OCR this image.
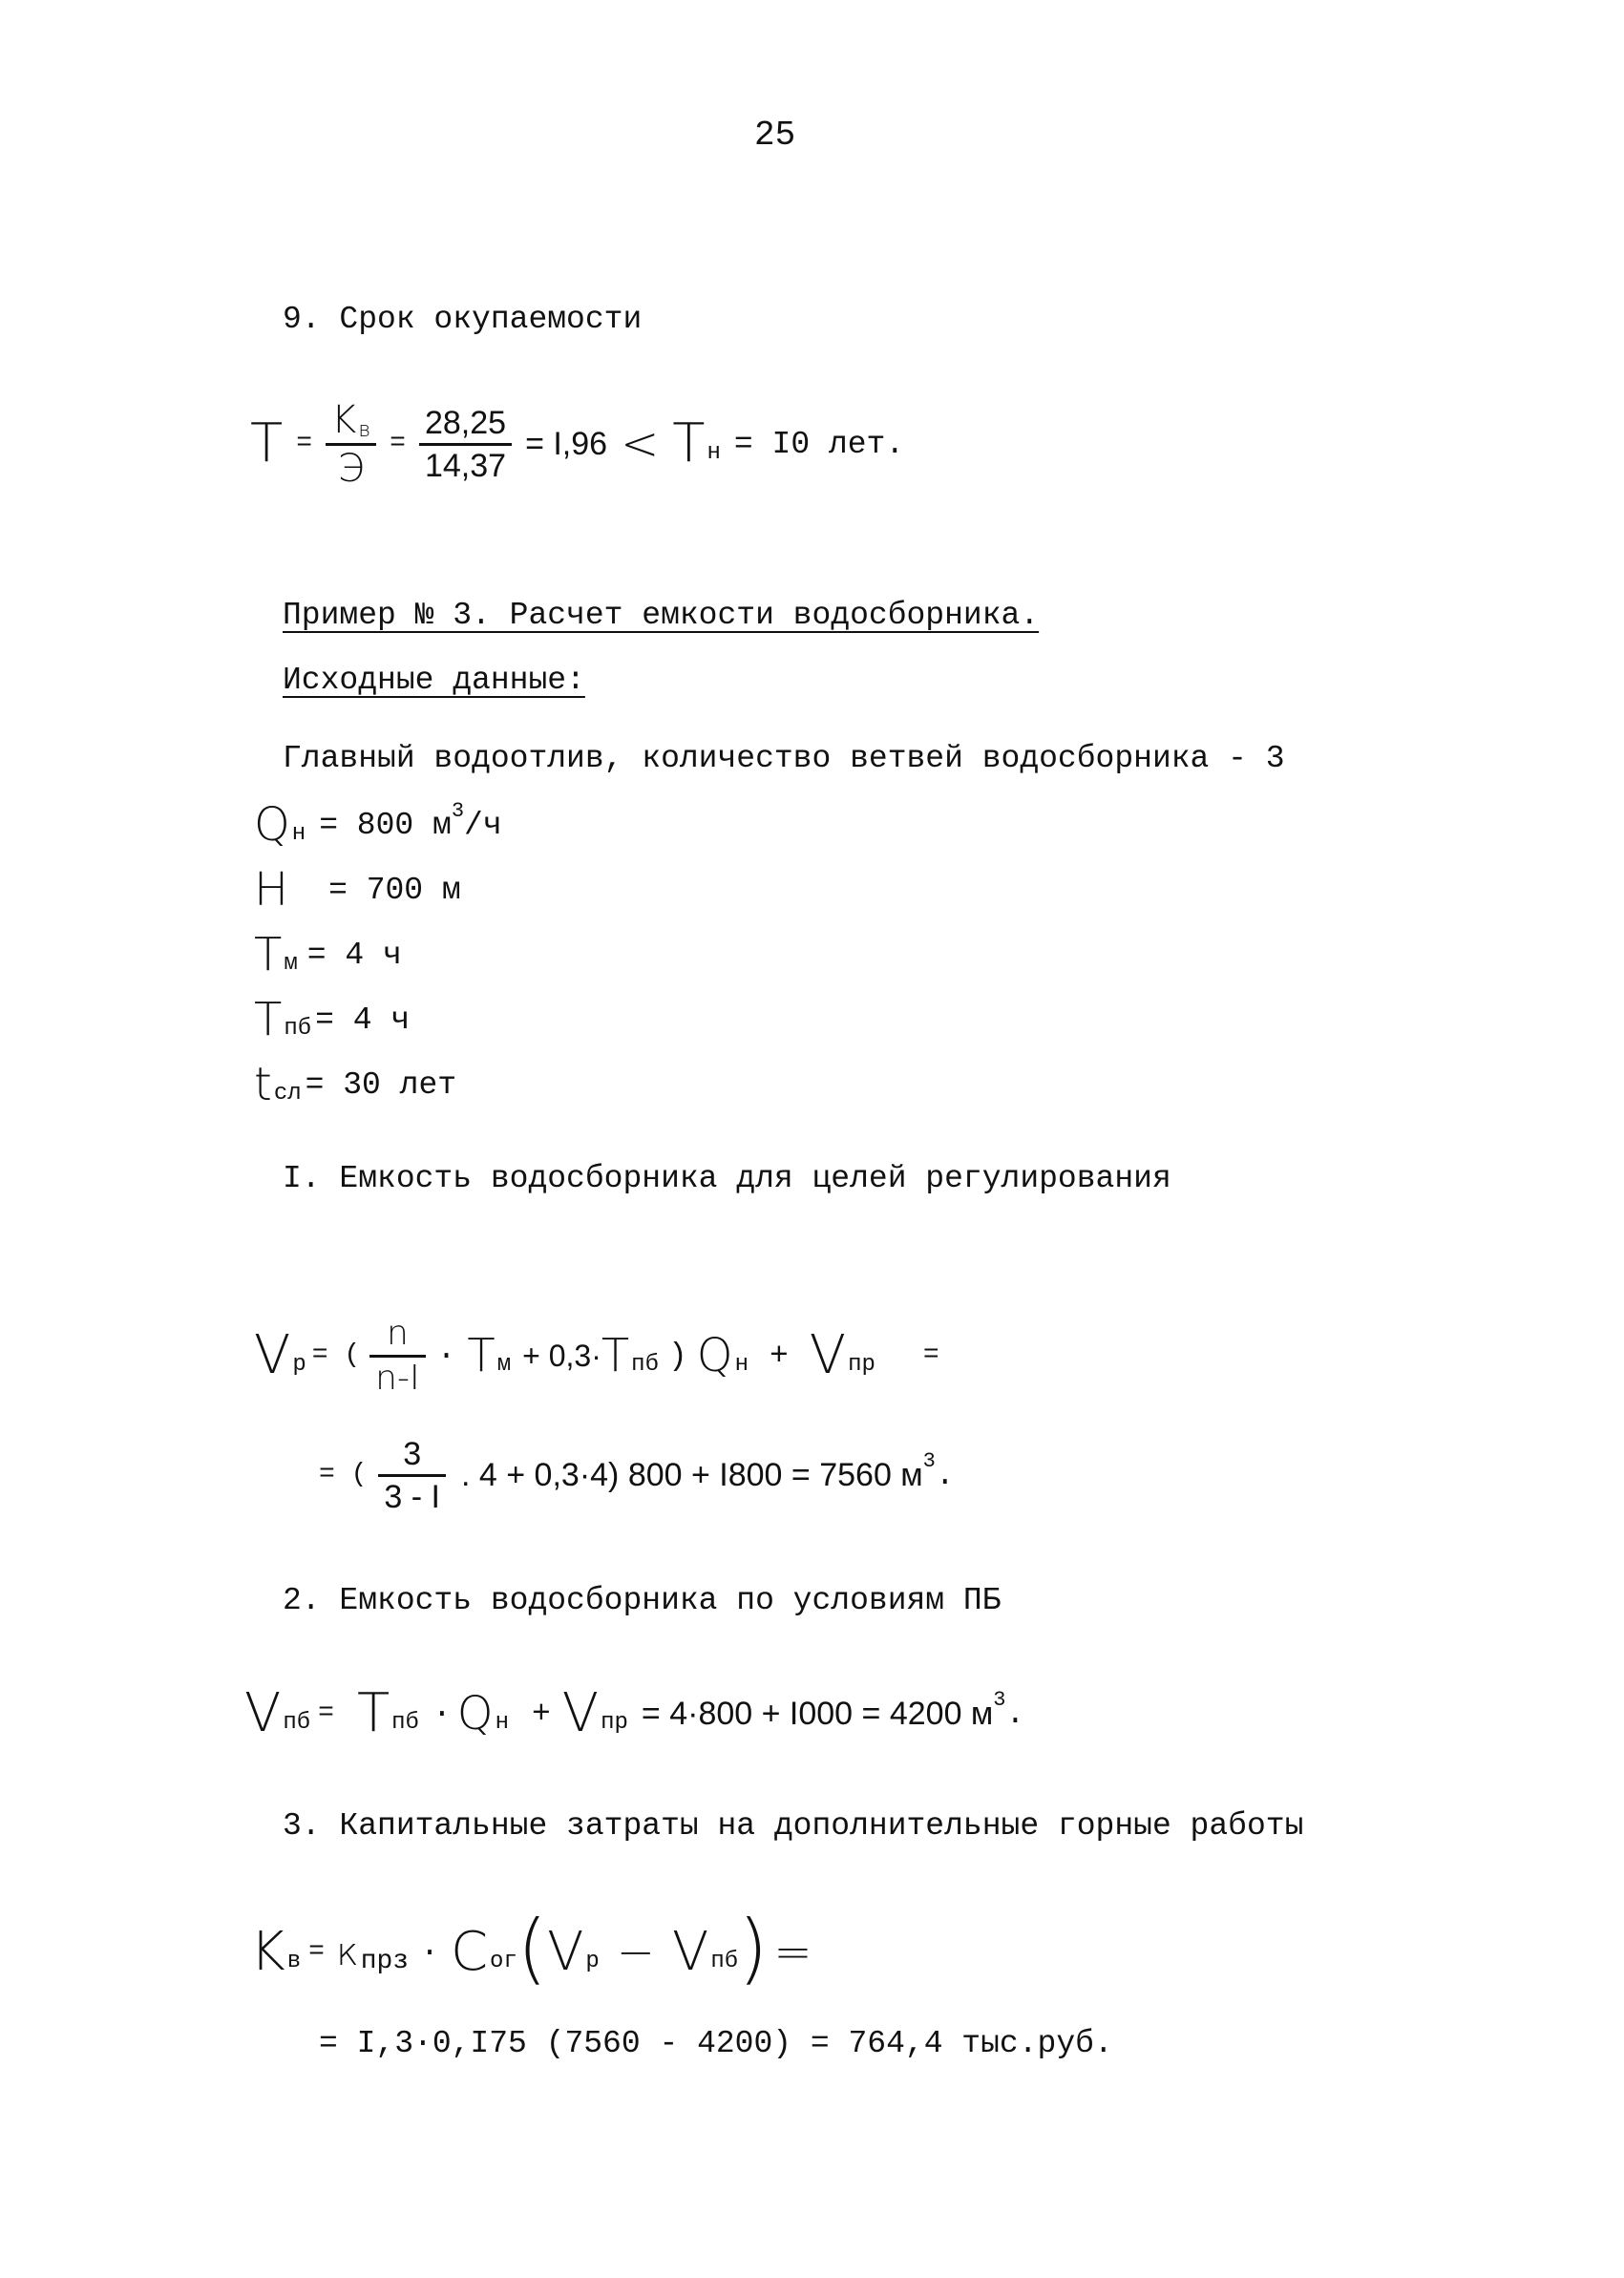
25
9. Срок окупаемости
$T = \frac{Kв}{Э} = \frac{28,25}{14,37} = I,96 < T$ н = I0 лет.
Пример № 3. Расчет емкости водосборника.
Исходные данные:
Главный водоотлив, количество ветвей водосборника - 3
Q н = 800 м 3 /ч
H = 700 м
T м = 4 ч
T пб = 4 ч
t сл = 30 лет
I. Емкость водосборника для целей регулирования
V p = ( $\frac{n}{n-I} \cdot T$ м + 0,3· T пб ) Q н + V пр =
= ( $\frac{3}{3 - I}$ . 4 + 0,3·4) 800 + I800 = 7560 м 3 .
2. Емкость водосборника по условиям ПБ
V пб = T пб · Q н + V пр = 4·800 + I000 = 4200 м 3 .
3. Капитальные затраты на дополнительные горные работы
K в = к прз · C ог ( V p − V пб ) =
= I,3·0,I75 (7560 - 4200) = 764,4 тыс.руб.
